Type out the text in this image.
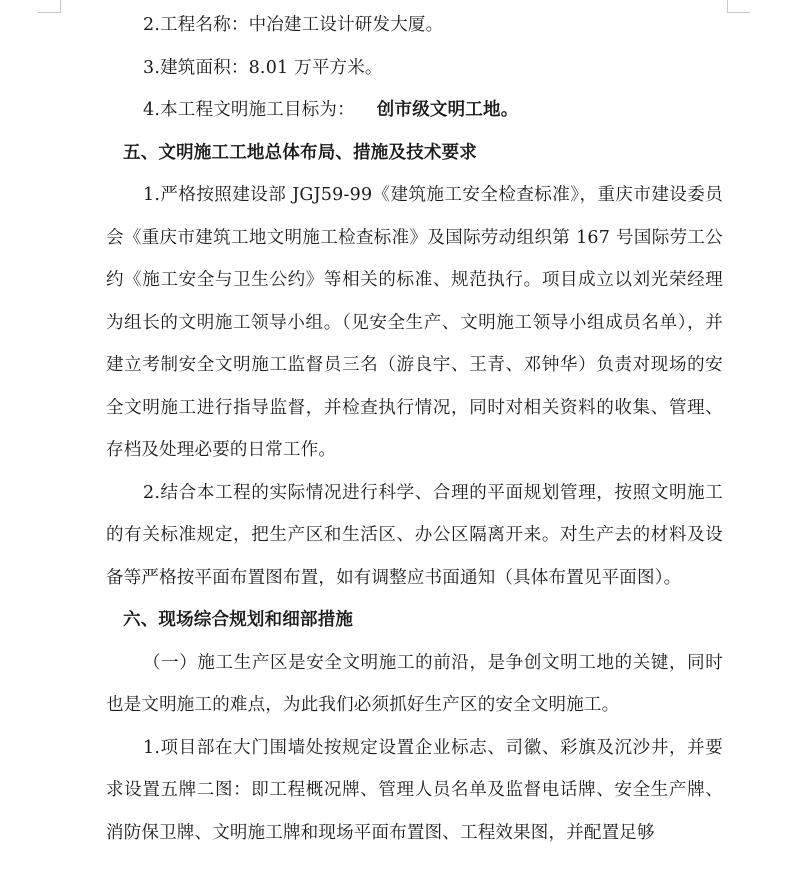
2.工程名称：中冶建工设计研发大厦。

3.建筑面积：8.01 万平方米。

4.本工程文明施工目标为： 创市级文明工地。

五、文明施工工地总体布局、措施及技术要求

1.严格按照建设部 JGJ59-99《建筑施工安全检查标准》，重庆市建设委员会《重庆市建筑工地文明施工检查标准》及国际劳动组织第 167 号国际劳工公约《施工安全与卫生公约》等相关的标准、规范执行。项目成立以刘光荣经理为组长的文明施工领导小组。（见安全生产、文明施工领导小组成员名单），并建立考制安全文明施工监督员三名（游良宇、王青、邓钟华）负责对现场的安全文明施工进行指导监督，并检查执行情况，同时对相关资料的收集、管理、存档及处理必要的日常工作。

2.结合本工程的实际情况进行科学、合理的平面规划管理，按照文明施工的有关标准规定，把生产区和生活区、办公区隔离开来。对生产去的材料及设备等严格按平面布置图布置，如有调整应书面通知（具体布置见平面图）。

六、现场综合规划和细部措施

（一）施工生产区是安全文明施工的前沿，是争创文明工地的关键，同时也是文明施工的难点，为此我们必须抓好生产区的安全文明施工。

1.项目部在大门围墙处按规定设置企业标志、司徽、彩旗及沉沙井，并要求设置五牌二图：即工程概况牌、管理人员名单及监督电话牌、安全生产牌、消防保卫牌、文明施工牌和现场平面布置图、工程效果图，并配置足够
